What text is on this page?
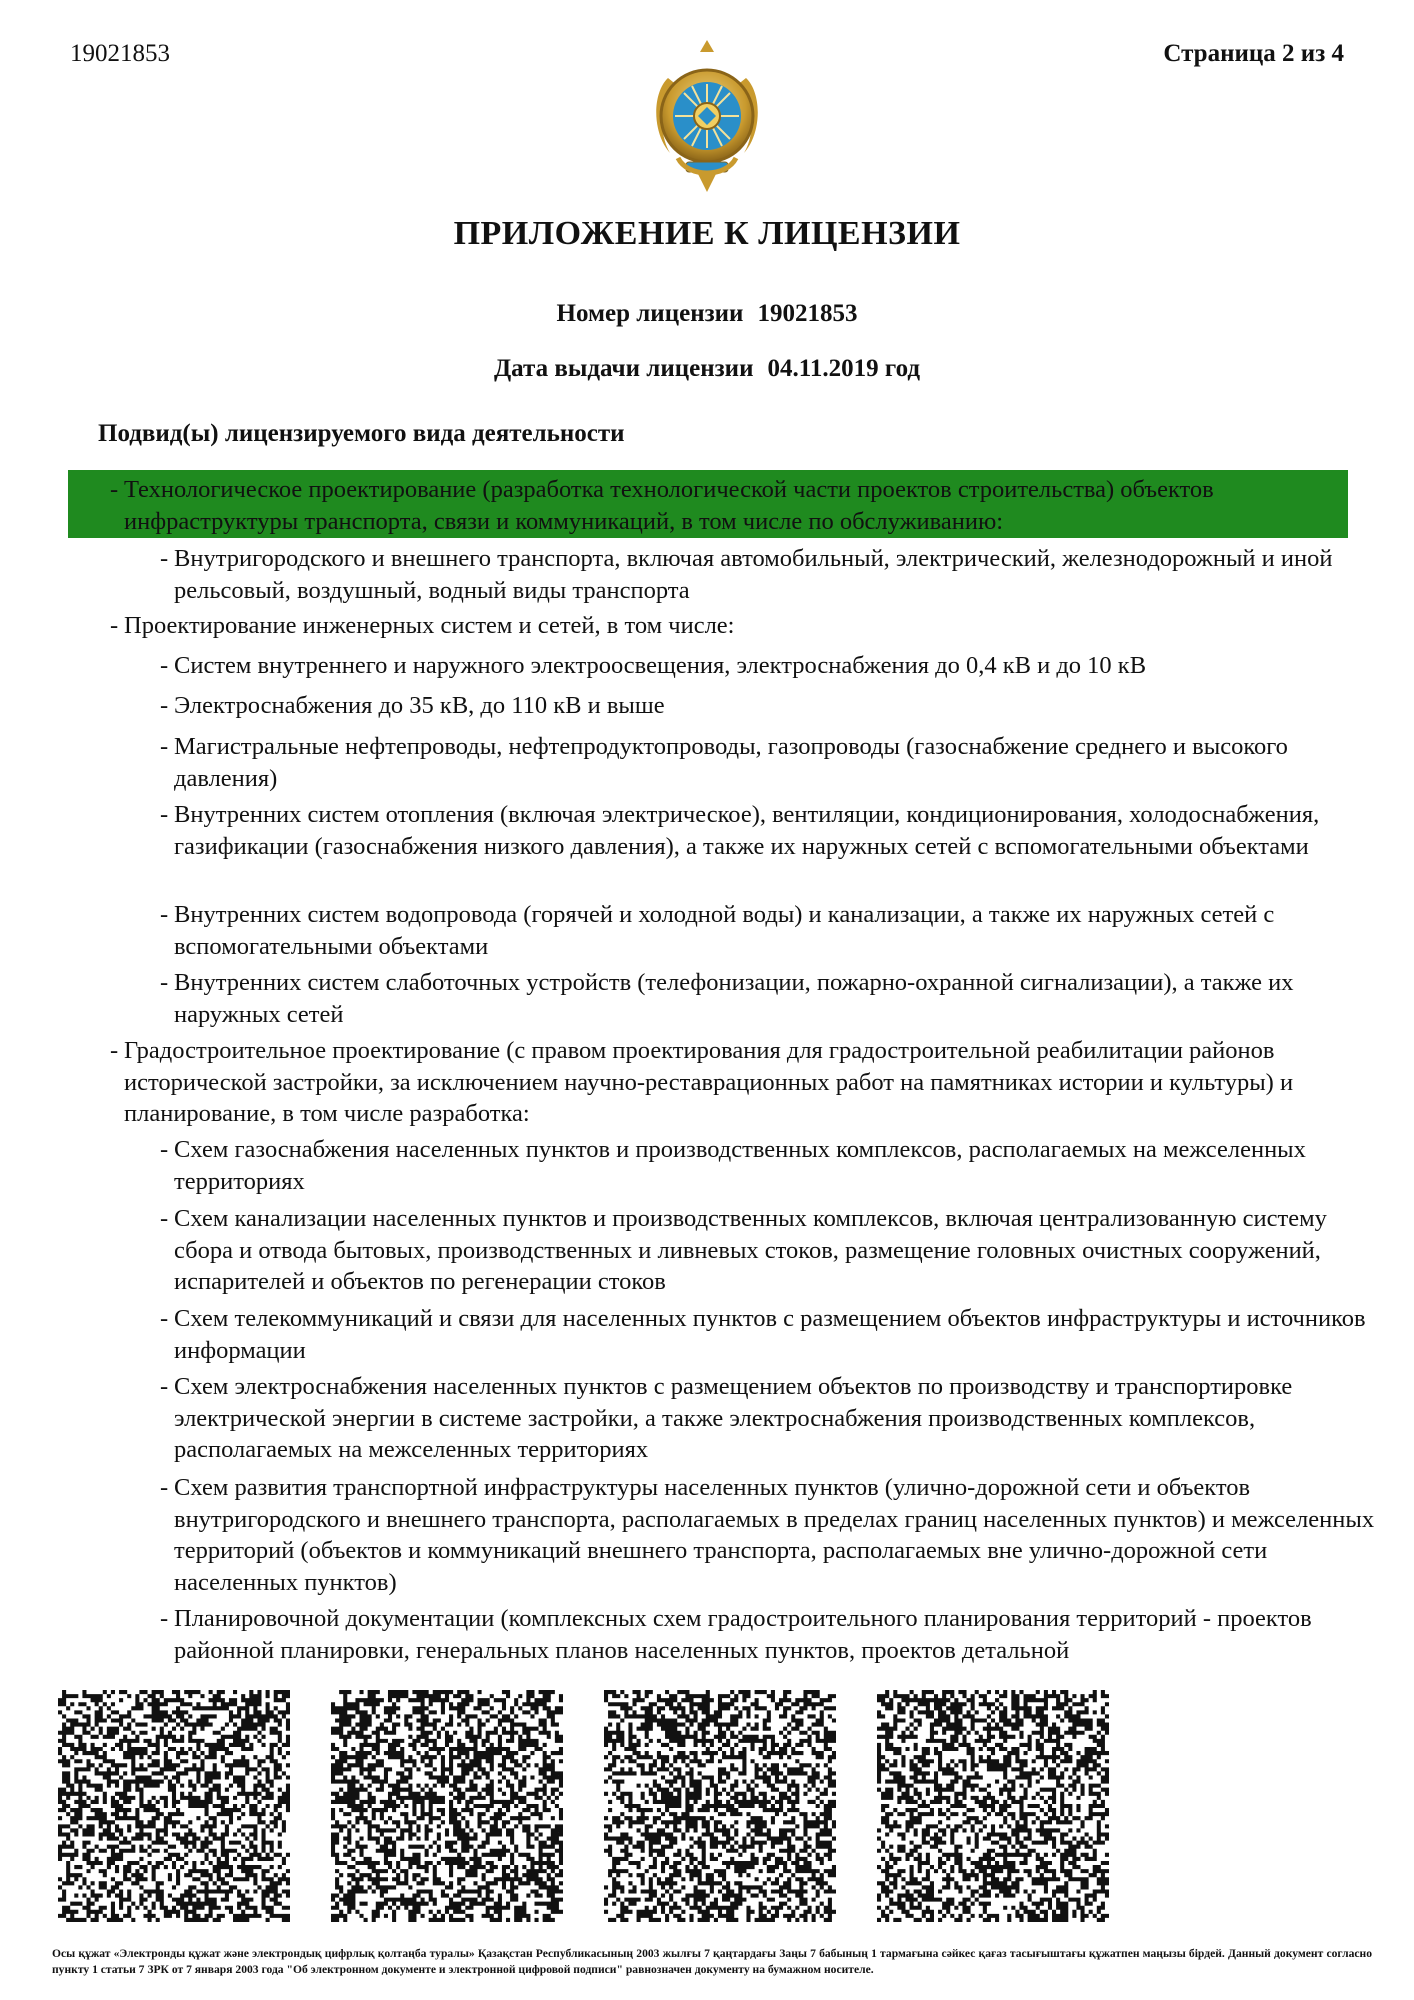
19021853	Страница 2 из 4
ПРИЛОЖЕНИЕ К ЛИЦЕНЗИИ
Номер лицензии 19021853
Дата выдачи лицензии 04.11.2019 год
Подвид(ы) лицензируемого вида деятельности
- Технологическое проектирование (разработка технологической части проектов строительства) объектов инфраструктуры транспорта, связи и коммуникаций, в том числе по обслуживанию:
- Внутригородского и внешнего транспорта, включая автомобильный, электрический, железнодорожный и иной рельсовый, воздушный, водный виды транспорта
- Проектирование инженерных систем и сетей, в том числе:
- Систем внутреннего и наружного электроосвещения, электроснабжения до 0,4 кВ и до 10 кВ
- Электроснабжения до 35 кВ, до 110 кВ и выше
- Магистральные нефтепроводы, нефтепродуктопроводы, газопроводы (газоснабжение среднего и высокого давления)
- Внутренних систем отопления (включая электрическое), вентиляции, кондиционирования, холодоснабжения, газификации (газоснабжения низкого давления), а также их наружных сетей с вспомогательными объектами
- Внутренних систем водопровода (горячей и холодной воды) и канализации, а также их наружных сетей с вспомогательными объектами
- Внутренних систем слаботочных устройств (телефонизации, пожарно-охранной сигнализации), а также их наружных сетей
- Градостроительное проектирование (с правом проектирования для градостроительной реабилитации районов исторической застройки, за исключением научно-реставрационных работ на памятниках истории и культуры) и планирование, в том числе разработка:
- Схем газоснабжения населенных пунктов и производственных комплексов, располагаемых на межселенных территориях
- Схем канализации населенных пунктов и производственных комплексов, включая централизованную систему сбора и отвода бытовых, производственных и ливневых стоков, размещение головных очистных сооружений, испарителей и объектов по регенерации стоков
- Схем телекоммуникаций и связи для населенных пунктов с размещением объектов инфраструктуры и источников информации
- Схем электроснабжения населенных пунктов с размещением объектов по производству и транспортировке электрической энергии в системе застройки, а также электроснабжения производственных комплексов, располагаемых на межселенных территориях
- Схем развития транспортной инфраструктуры населенных пунктов (улично-дорожной сети и объектов внутригородского и внешнего транспорта, располагаемых в пределах границ населенных пунктов) и межселенных территорий (объектов и коммуникаций внешнего транспорта, располагаемых вне улично-дорожной сети населенных пунктов)
- Планировочной документации (комплексных схем градостроительного планирования территорий - проектов районной планировки, генеральных планов населенных пунктов, проектов детальной
Осы құжат «Электронды құжат және электрондық цифрлық қолтаңба туралы» Қазақстан Республикасының 2003 жылғы 7 қаңтардағы Заңы 7 бабының 1 тармағына сәйкес қағаз тасығыштағы құжатпен маңызы бірдей. Данный документ согласно пункту 1 статьи 7 ЗРК от 7 января 2003 года "Об электронном документе и электронной цифровой подписи" равнозначен документу на бумажном носителе.
